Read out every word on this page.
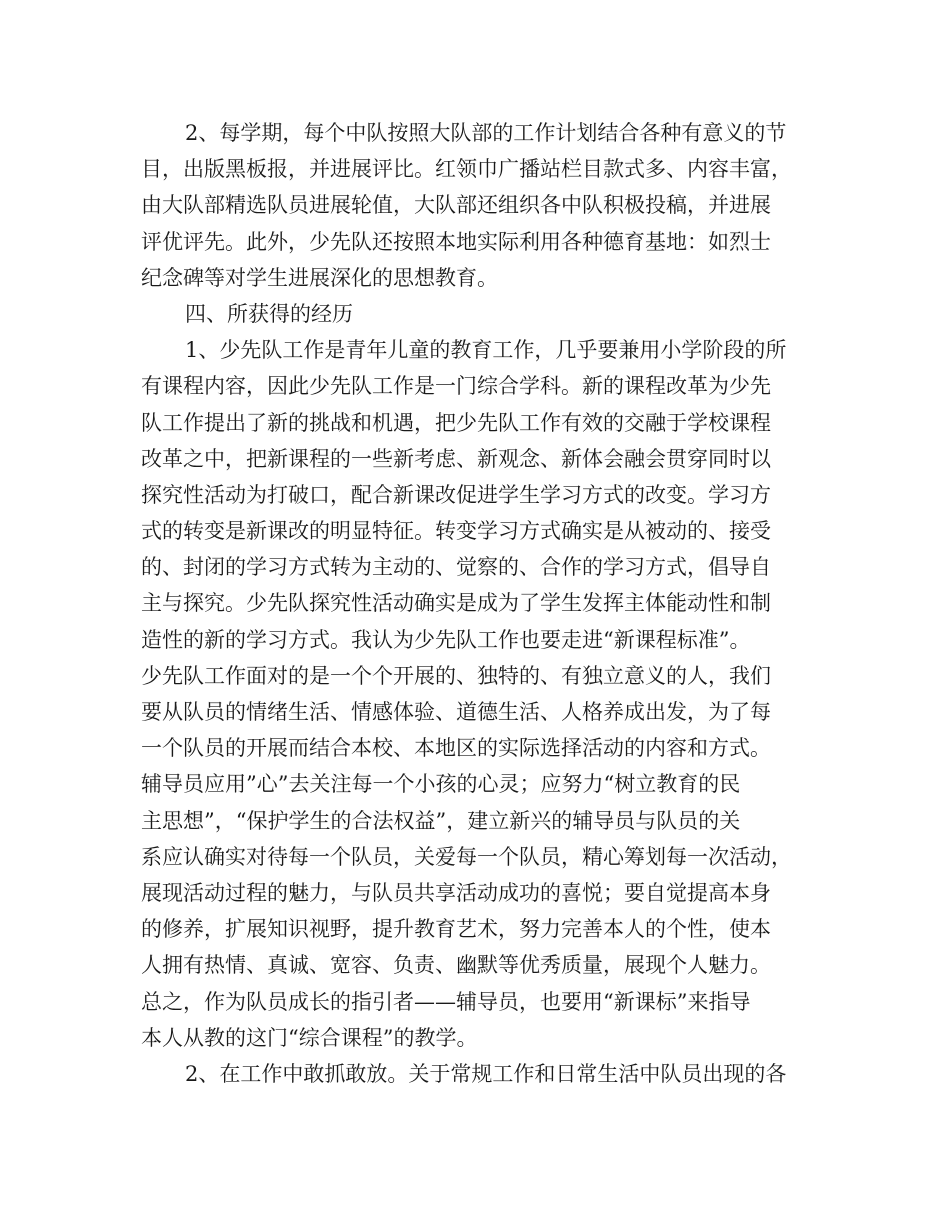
2、每学期，每个中队按照大队部的工作计划结合各种有意义的节
目，出版黑板报，并进展评比。红领巾广播站栏目款式多、内容丰富，
由大队部精选队员进展轮值，大队部还组织各中队积极投稿，并进展
评优评先。此外，少先队还按照本地实际利用各种德育基地：如烈士
纪念碑等对学生进展深化的思想教育。
四、所获得的经历
1、少先队工作是青年儿童的教育工作，几乎要兼用小学阶段的所
有课程内容，因此少先队工作是一门综合学科。新的课程改革为少先
队工作提出了新的挑战和机遇，把少先队工作有效的交融于学校课程
改革之中，把新课程的一些新考虑、新观念、新体会融会贯穿同时以
探究性活动为打破口，配合新课改促进学生学习方式的改变。学习方
式的转变是新课改的明显特征。转变学习方式确实是从被动的、接受
的、封闭的学习方式转为主动的、觉察的、合作的学习方式，倡导自
主与探究。少先队探究性活动确实是成为了学生发挥主体能动性和制
造性的新的学习方式。我认为少先队工作也要走进“新课程标准”。
少先队工作面对的是一个个开展的、独特的、有独立意义的人，我们
要从队员的情绪生活、情感体验、道德生活、人格养成出发，为了每
一个队员的开展而结合本校、本地区的实际选择活动的内容和方式。
辅导员应用”心”去关注每一个小孩的心灵；应努力“树立教育的民
主思想”，“保护学生的合法权益”，建立新兴的辅导员与队员的关
系应认确实对待每一个队员，关爱每一个队员，精心筹划每一次活动，
展现活动过程的魅力，与队员共享活动成功的喜悦；要自觉提高本身
的修养，扩展知识视野，提升教育艺术，努力完善本人的个性，使本
人拥有热情、真诚、宽容、负责、幽默等优秀质量，展现个人魅力。
总之，作为队员成长的指引者——辅导员，也要用“新课标”来指导
本人从教的这门“综合课程”的教学。
2、在工作中敢抓敢放。关于常规工作和日常生活中队员出现的各
